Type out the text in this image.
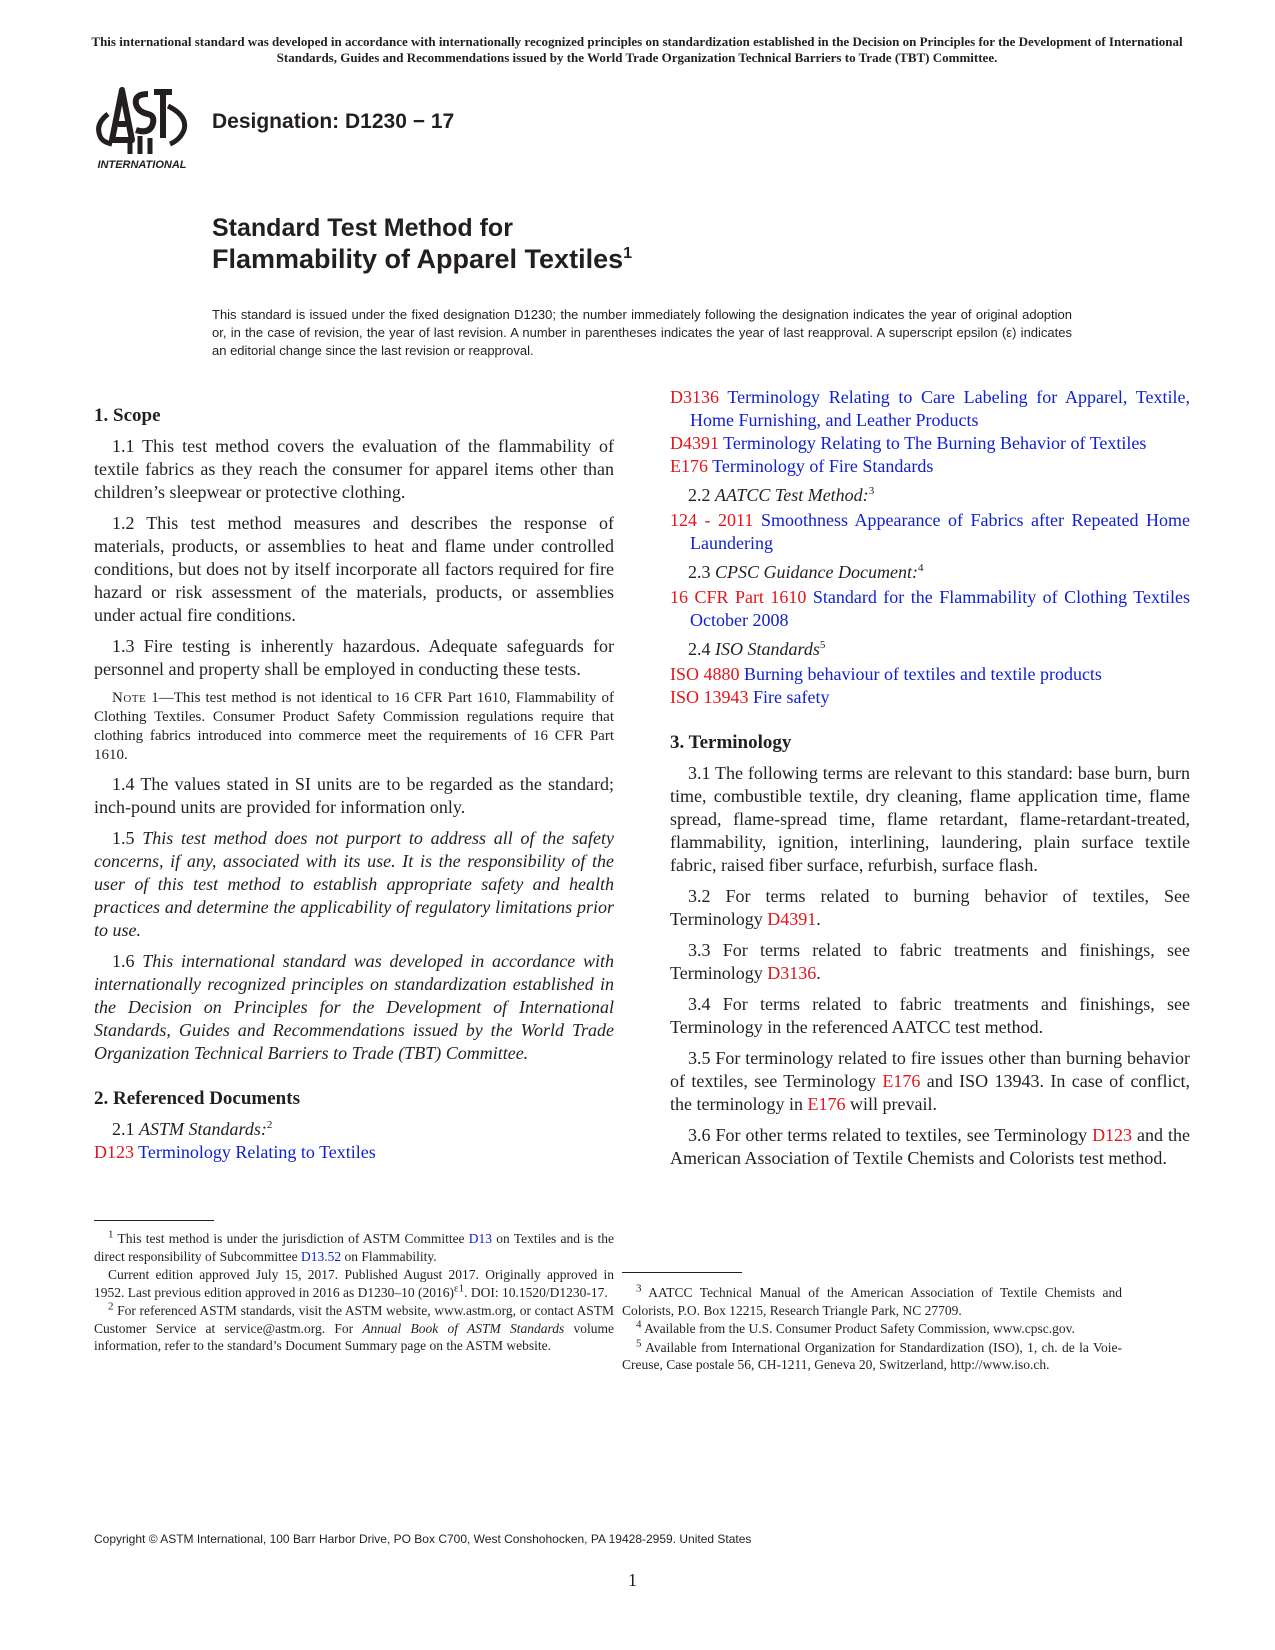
This international standard was developed in accordance with internationally recognized principles on standardization established in the Decision on Principles for the Development of International Standards, Guides and Recommendations issued by the World Trade Organization Technical Barriers to Trade (TBT) Committee.
INTERNATIONAL
Designation: D1230 − 17
Standard Test Method for
Flammability of Apparel Textiles$^1$
This standard is issued under the fixed designation D1230; the number immediately following the designation indicates the year of original adoption or, in the case of revision, the year of last revision. A number in parentheses indicates the year of last reapproval. A superscript epsilon (ε) indicates an editorial change since the last revision or reapproval.
1. Scope

1.1 This test method covers the evaluation of the flammability of textile fabrics as they reach the consumer for apparel items other than children’s sleepwear or protective clothing.

1.2 This test method measures and describes the response of materials, products, or assemblies to heat and flame under controlled conditions, but does not by itself incorporate all factors required for fire hazard or risk assessment of the materials, products, or assemblies under actual fire conditions.

1.3 Fire testing is inherently hazardous. Adequate safeguards for personnel and property shall be employed in conducting these tests.

Note 1—This test method is not identical to 16 CFR Part 1610, Flammability of Clothing Textiles. Consumer Product Safety Commission regulations require that clothing fabrics introduced into commerce meet the requirements of 16 CFR Part 1610.

1.4 The values stated in SI units are to be regarded as the standard; inch-pound units are provided for information only.

1.5 This test method does not purport to address all of the safety concerns, if any, associated with its use. It is the responsibility of the user of this test method to establish appropriate safety and health practices and determine the applicability of regulatory limitations prior to use.

1.6 This international standard was developed in accordance with internationally recognized principles on standardization established in the Decision on Principles for the Development of International Standards, Guides and Recommendations issued by the World Trade Organization Technical Barriers to Trade (TBT) Committee.

2. Referenced Documents

2.1 ASTM Standards:$^2$

D123 Terminology Relating to Textiles

D3136 Terminology Relating to Care Labeling for Apparel, Textile, Home Furnishing, and Leather Products

D4391 Terminology Relating to The Burning Behavior of Textiles

E176 Terminology of Fire Standards

2.2 AATCC Test Method:$^3$

124 - 2011 Smoothness Appearance of Fabrics after Repeated Home Laundering

2.3 CPSC Guidance Document:$^4$

16 CFR Part 1610 Standard for the Flammability of Clothing Textiles October 2008

2.4 ISO Standards$^5$

ISO 4880 Burning behaviour of textiles and textile products

ISO 13943 Fire safety

3. Terminology

3.1 The following terms are relevant to this standard: base burn, burn time, combustible textile, dry cleaning, flame application time, flame spread, flame-spread time, flame retardant, flame-retardant-treated, flammability, ignition, interlining, laundering, plain surface textile fabric, raised fiber surface, refurbish, surface flash.

3.2 For terms related to burning behavior of textiles, See Terminology D4391.

3.3 For terms related to fabric treatments and finishings, see Terminology D3136.

3.4 For terms related to fabric treatments and finishings, see Terminology in the referenced AATCC test method.

3.5 For terminology related to fire issues other than burning behavior of textiles, see Terminology E176 and ISO 13943. In case of conflict, the terminology in E176 will prevail.

3.6 For other terms related to textiles, see Terminology D123 and the American Association of Textile Chemists and Colorists test method.

$^1$ This test method is under the jurisdiction of ASTM Committee D13 on Textiles and is the direct responsibility of Subcommittee D13.52 on Flammability.

Current edition approved July 15, 2017. Published August 2017. Originally approved in 1952. Last previous edition approved in 2016 as D1230–10 $(2016)^{\varepsilon 1}$. DOI: 10.1520/D1230-17.

$^2$ For referenced ASTM standards, visit the ASTM website, www.astm.org, or contact ASTM Customer Service at service@astm.org. For Annual Book of ASTM Standards volume information, refer to the standard’s Document Summary page on the ASTM website.

$^3$ AATCC Technical Manual of the American Association of Textile Chemists and Colorists, P.O. Box 12215, Research Triangle Park, NC 27709.

$^4$ Available from the U.S. Consumer Product Safety Commission, www.cpsc.gov.

$^5$ Available from International Organization for Standardization (ISO), 1, ch. de la Voie-Creuse, Case postale 56, CH-1211, Geneva 20, Switzerland, http://www.iso.ch.

Copyright © ASTM International, 100 Barr Harbor Drive, PO Box C700, West Conshohocken, PA 19428-2959. United States
1
